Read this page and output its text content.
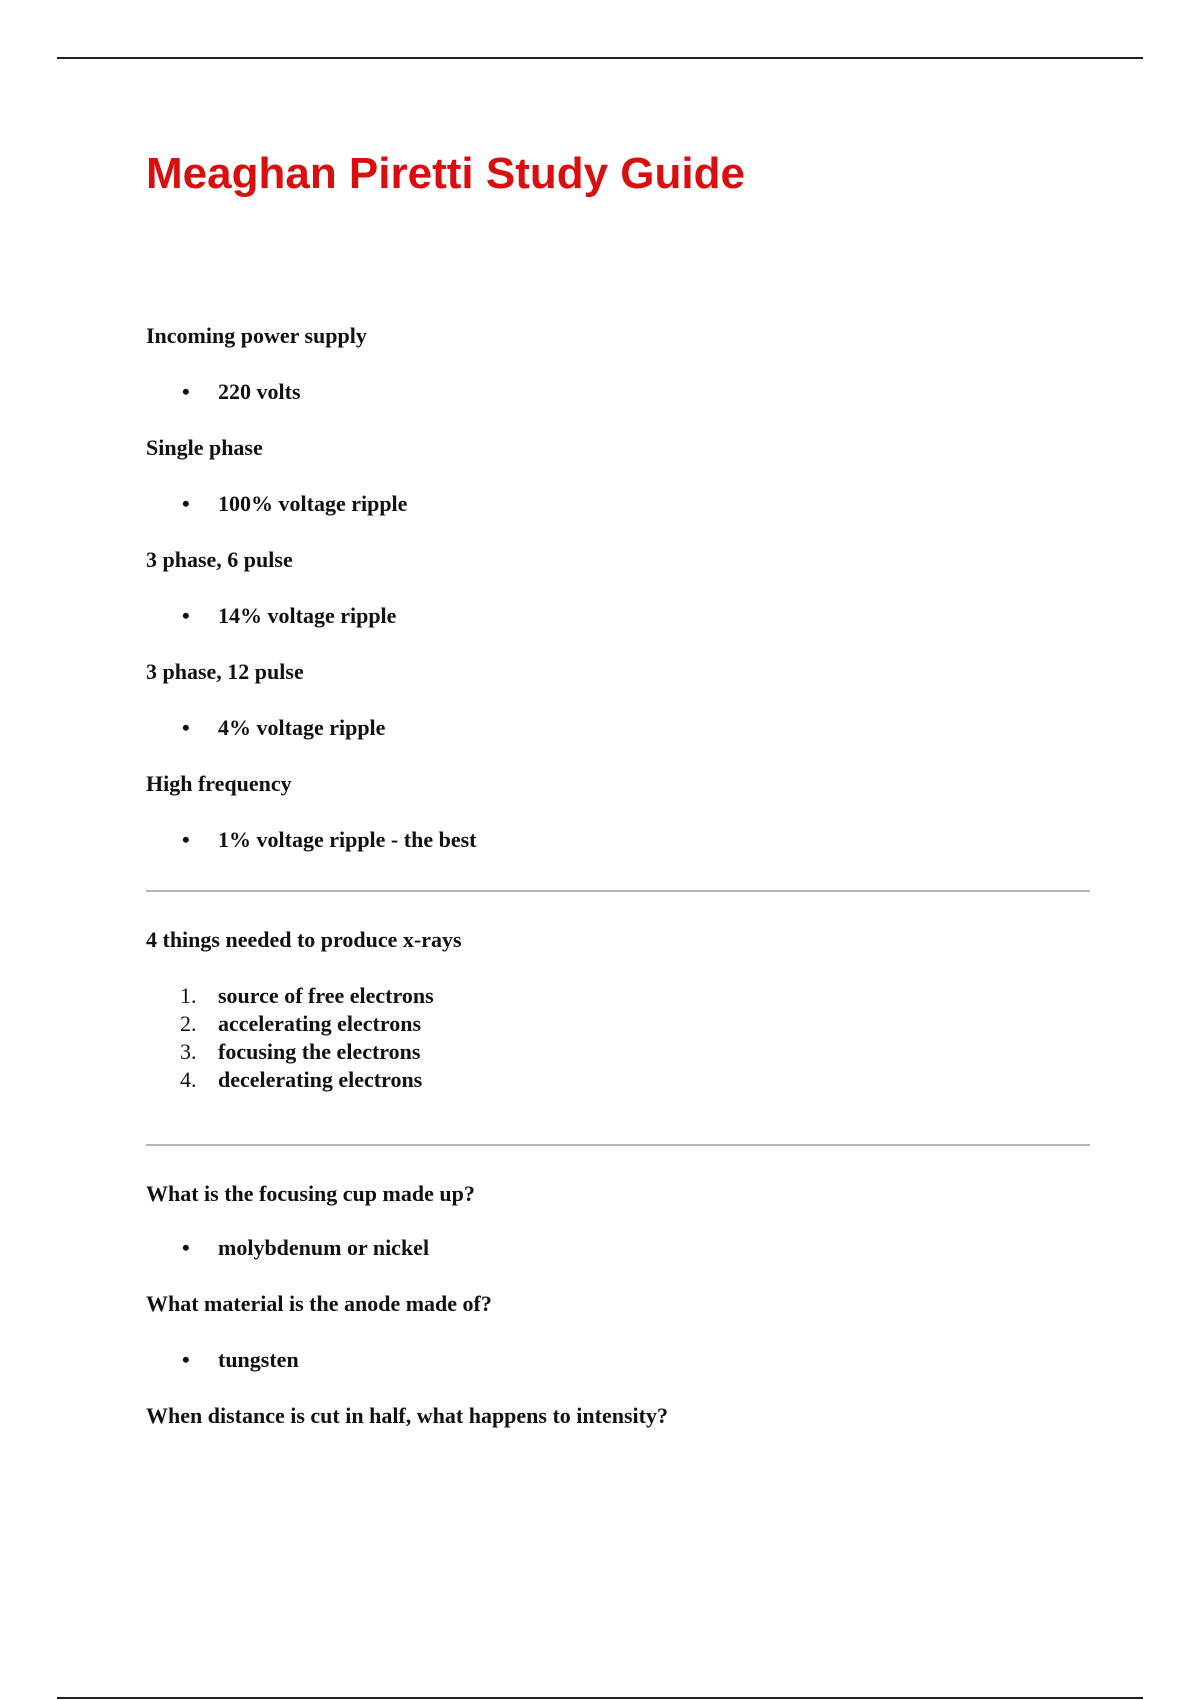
Meaghan Piretti Study Guide

Incoming power supply

• 220 volts

Single phase

• 100% voltage ripple

3 phase, 6 pulse

• 14% voltage ripple

3 phase, 12 pulse

• 4% voltage ripple

High frequency

• 1% voltage ripple - the best

4 things needed to produce x-rays

1. source of free electrons
2. accelerating electrons
3. focusing the electrons
4. decelerating electrons

What is the focusing cup made up?

• molybdenum or nickel

What material is the anode made of?

• tungsten

When distance is cut in half, what happens to intensity?
